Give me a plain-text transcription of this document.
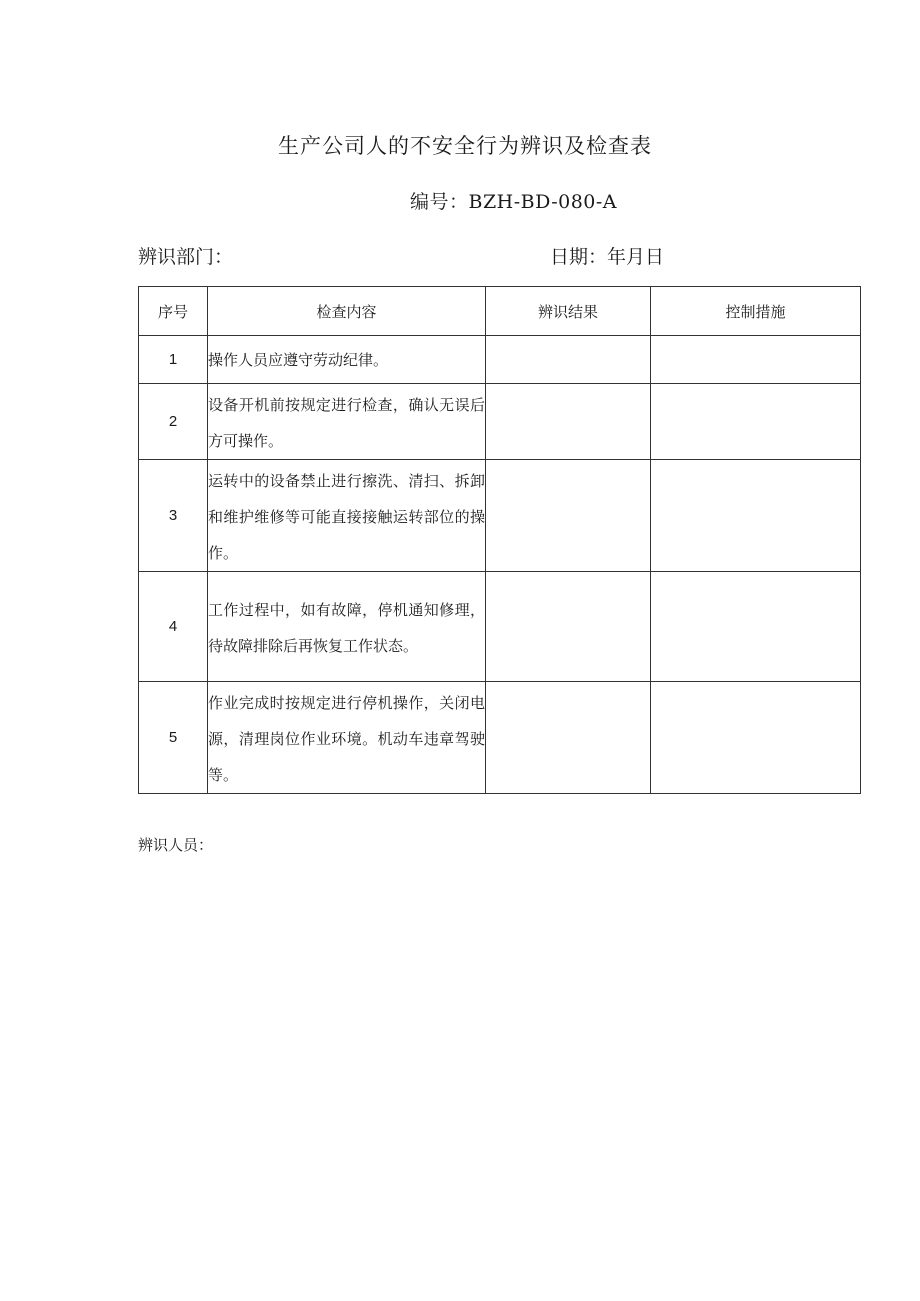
生产公司人的不安全行为辨识及检查表
编号：BZH-BD-080-A
辨识部门：	日期：年月日
序号	检查内容	辨识结果	控制措施
1	操作人员应遵守劳动纪律。		
2	设备开机前按规定进行检查，确认无误后方可操作。		

3	运转中的设备禁止进行擦洗、清扫、拆卸和维护维修等可能直接接触运转部位的操作。		

4	工作过程中，如有故障，停机通知修理，待故障排除后再恢复工作状态。		

5	作业完成时按规定进行停机操作，关闭电源，清理岗位作业环境。机动车违章驾驶等。		

辨识人员：
